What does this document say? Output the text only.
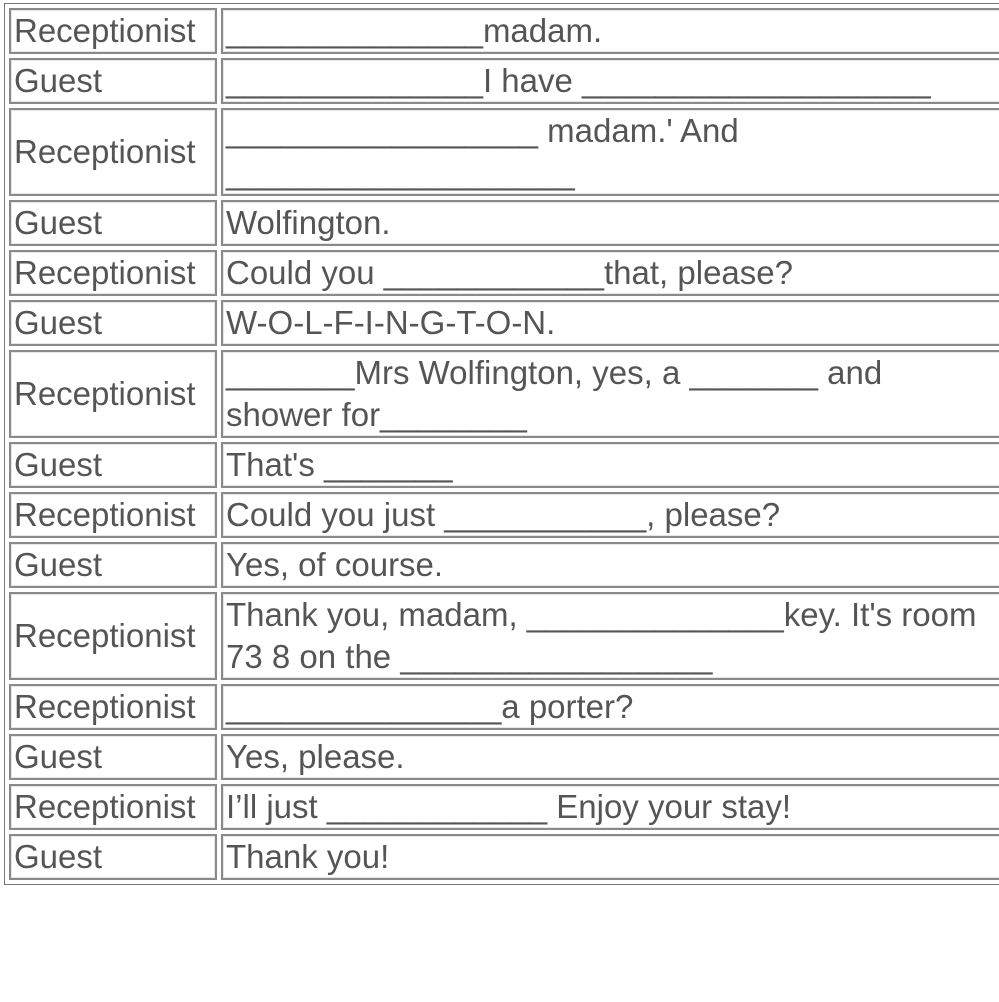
Receptionist	______________madam.
Guest	______________I have ___________________
Receptionist	_________________ madam.' And ___________________
Guest	Wolfington.
Receptionist	Could you ____________that, please?
Guest	W-O-L-F-I-N-G-T-O-N.
Receptionist	_______Mrs Wolfington, yes, a _______ and shower for________
Guest	That's _______
Receptionist	Could you just ___________, please?
Guest	Yes, of course.
Receptionist	Thank you, madam, ______________key. It's room 73 8 on the _________________
Receptionist	_______________a porter?
Guest	Yes, please.
Receptionist	I’ll just ____________ Enjoy your stay!
Guest	Thank you!
